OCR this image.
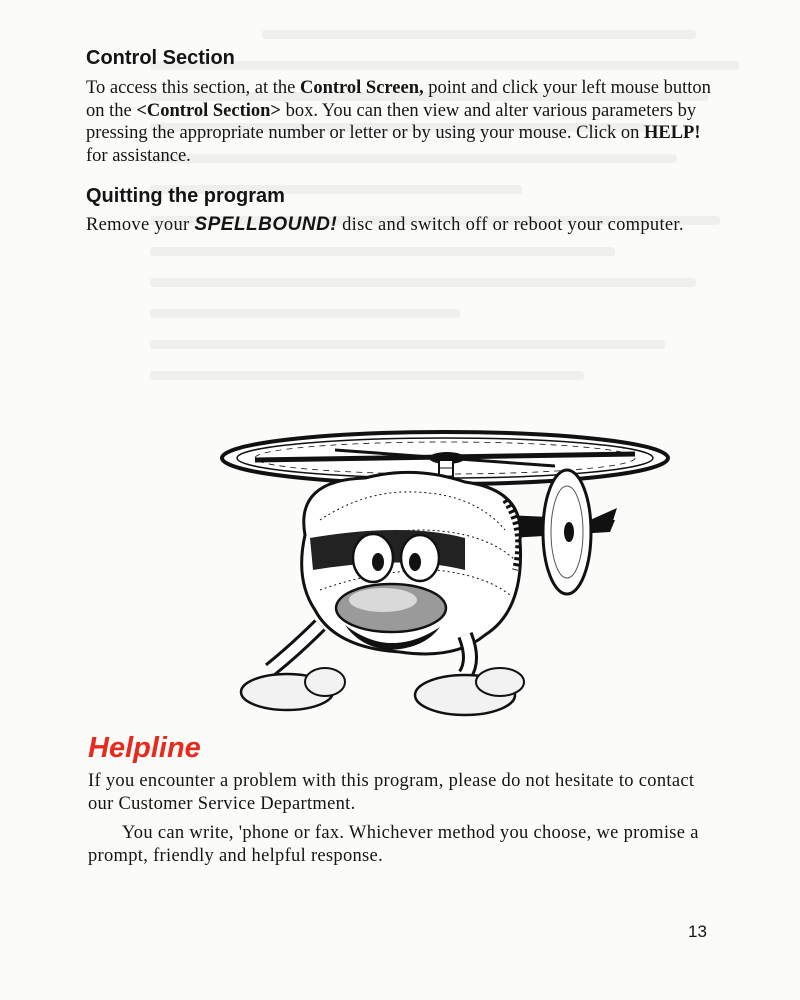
Control Section

To access this section, at the Control Screen, point and click your left mouse button on the <Control Section> box. You can then view and alter various parameters by pressing the appropriate number or letter or by using your mouse. Click on HELP! for assistance.

Quitting the program

Remove your SPELLBOUND! disc and switch off or reboot your computer.

Helpline

If you encounter a problem with this program, please do not hesitate to contact our Customer Service Department.

You can write, 'phone or fax. Whichever method you choose, we promise a prompt, friendly and helpful response.

13
